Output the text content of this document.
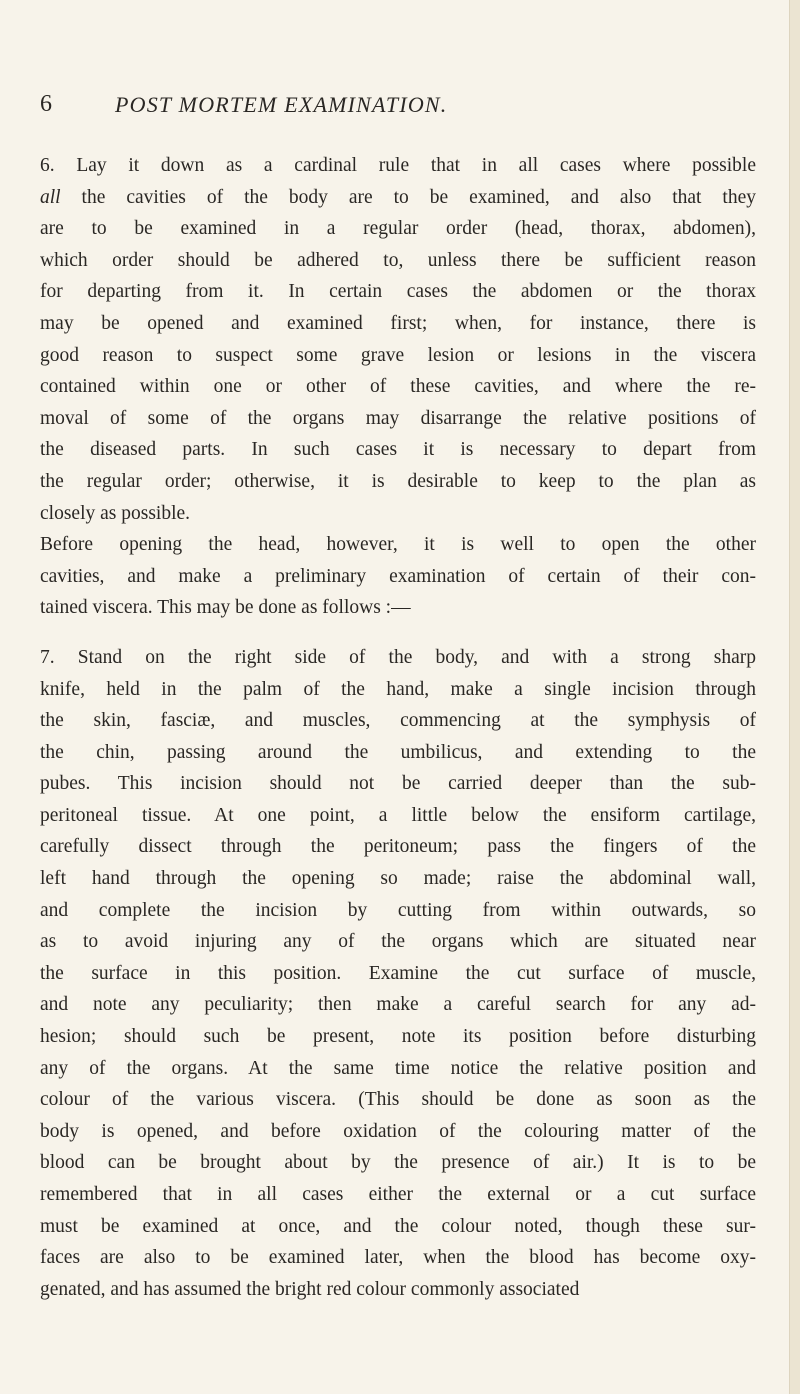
6	POST MORTEM EXAMINATION.

6. Lay it down as a cardinal rule that in all cases where possible
all the cavities of the body are to be examined, and also that they
are to be examined in a regular order (head, thorax, abdomen),
which order should be adhered to, unless there be sufficient reason
for departing from it. In certain cases the abdomen or the thorax
may be opened and examined first; when, for instance, there is
good reason to suspect some grave lesion or lesions in the viscera
contained within one or other of these cavities, and where the re-
moval of some of the organs may disarrange the relative positions of
the diseased parts. In such cases it is necessary to depart from
the regular order; otherwise, it is desirable to keep to the plan as
closely as possible.

Before opening the head, however, it is well to open the other
cavities, and make a preliminary examination of certain of their con-
tained viscera. This may be done as follows :—

7. Stand on the right side of the body, and with a strong sharp
knife, held in the palm of the hand, make a single incision through
the skin, fasciæ, and muscles, commencing at the symphysis of
the chin, passing around the umbilicus, and extending to the
pubes. This incision should not be carried deeper than the sub-
peritoneal tissue. At one point, a little below the ensiform cartilage,
carefully dissect through the peritoneum; pass the fingers of the
left hand through the opening so made; raise the abdominal wall,
and complete the incision by cutting from within outwards, so
as to avoid injuring any of the organs which are situated near
the surface in this position. Examine the cut surface of muscle,
and note any peculiarity; then make a careful search for any ad-
hesion; should such be present, note its position before disturbing
any of the organs. At the same time notice the relative position and
colour of the various viscera. (This should be done as soon as the
body is opened, and before oxidation of the colouring matter of the
blood can be brought about by the presence of air.) It is to be
remembered that in all cases either the external or a cut surface
must be examined at once, and the colour noted, though these sur-
faces are also to be examined later, when the blood has become oxy-
genated, and has assumed the bright red colour commonly associated
